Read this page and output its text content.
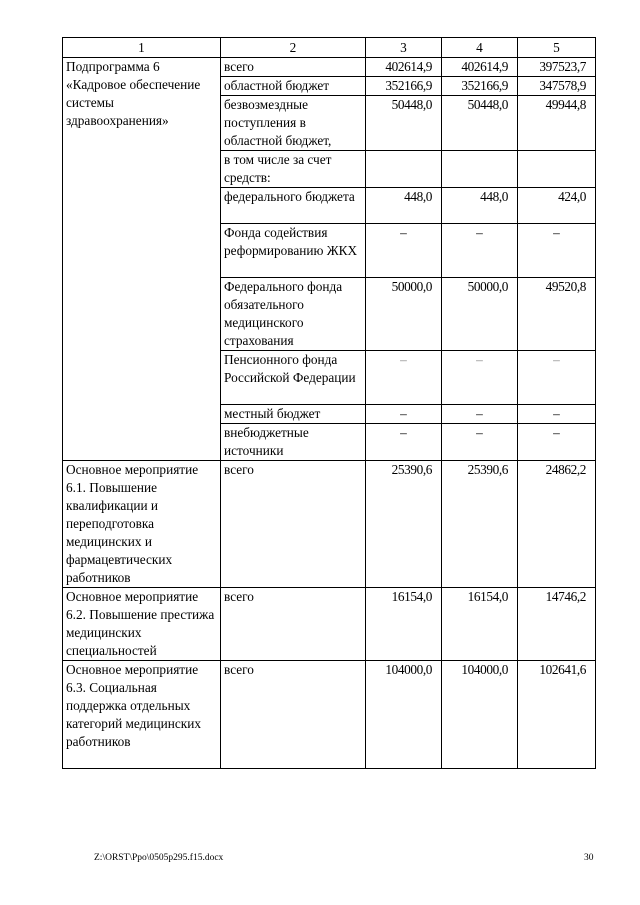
1	2	3	4	5
Подпрограмма 6 «Кадровое обеспечение системы здравоохранения»	всего	402614,9	402614,9	397523,7
	областной бюджет	352166,9	352166,9	347578,9
	безвозмездные поступления в областной бюджет,	50448,0	50448,0	49944,8
	в том числе за счет средств:			
	федерального бюджета	448,0	448,0	424,0
	Фонда содействия реформированию ЖКХ	–	–	–
	Федерального фонда обязательного медицинского страхования	50000,0	50000,0	49520,8
	Пенсионного фонда Российской Федерации	–	–	–
	местный бюджет	–	–	–
	внебюджетные источники	–	–	–
Основное мероприятие 6.1. Повышение квалификации и переподготовка медицинских и фармацевтических работников	всего	25390,6	25390,6	24862,2
Основное мероприятие 6.2. Повышение престижа медицинских специальностей	всего	16154,0	16154,0	14746,2
Основное мероприятие 6.3. Социальная поддержка отдельных категорий медицинских работников	всего	104000,0	104000,0	102641,6
Z:\ORST\Ppo\0505p295.f15.docx	30
